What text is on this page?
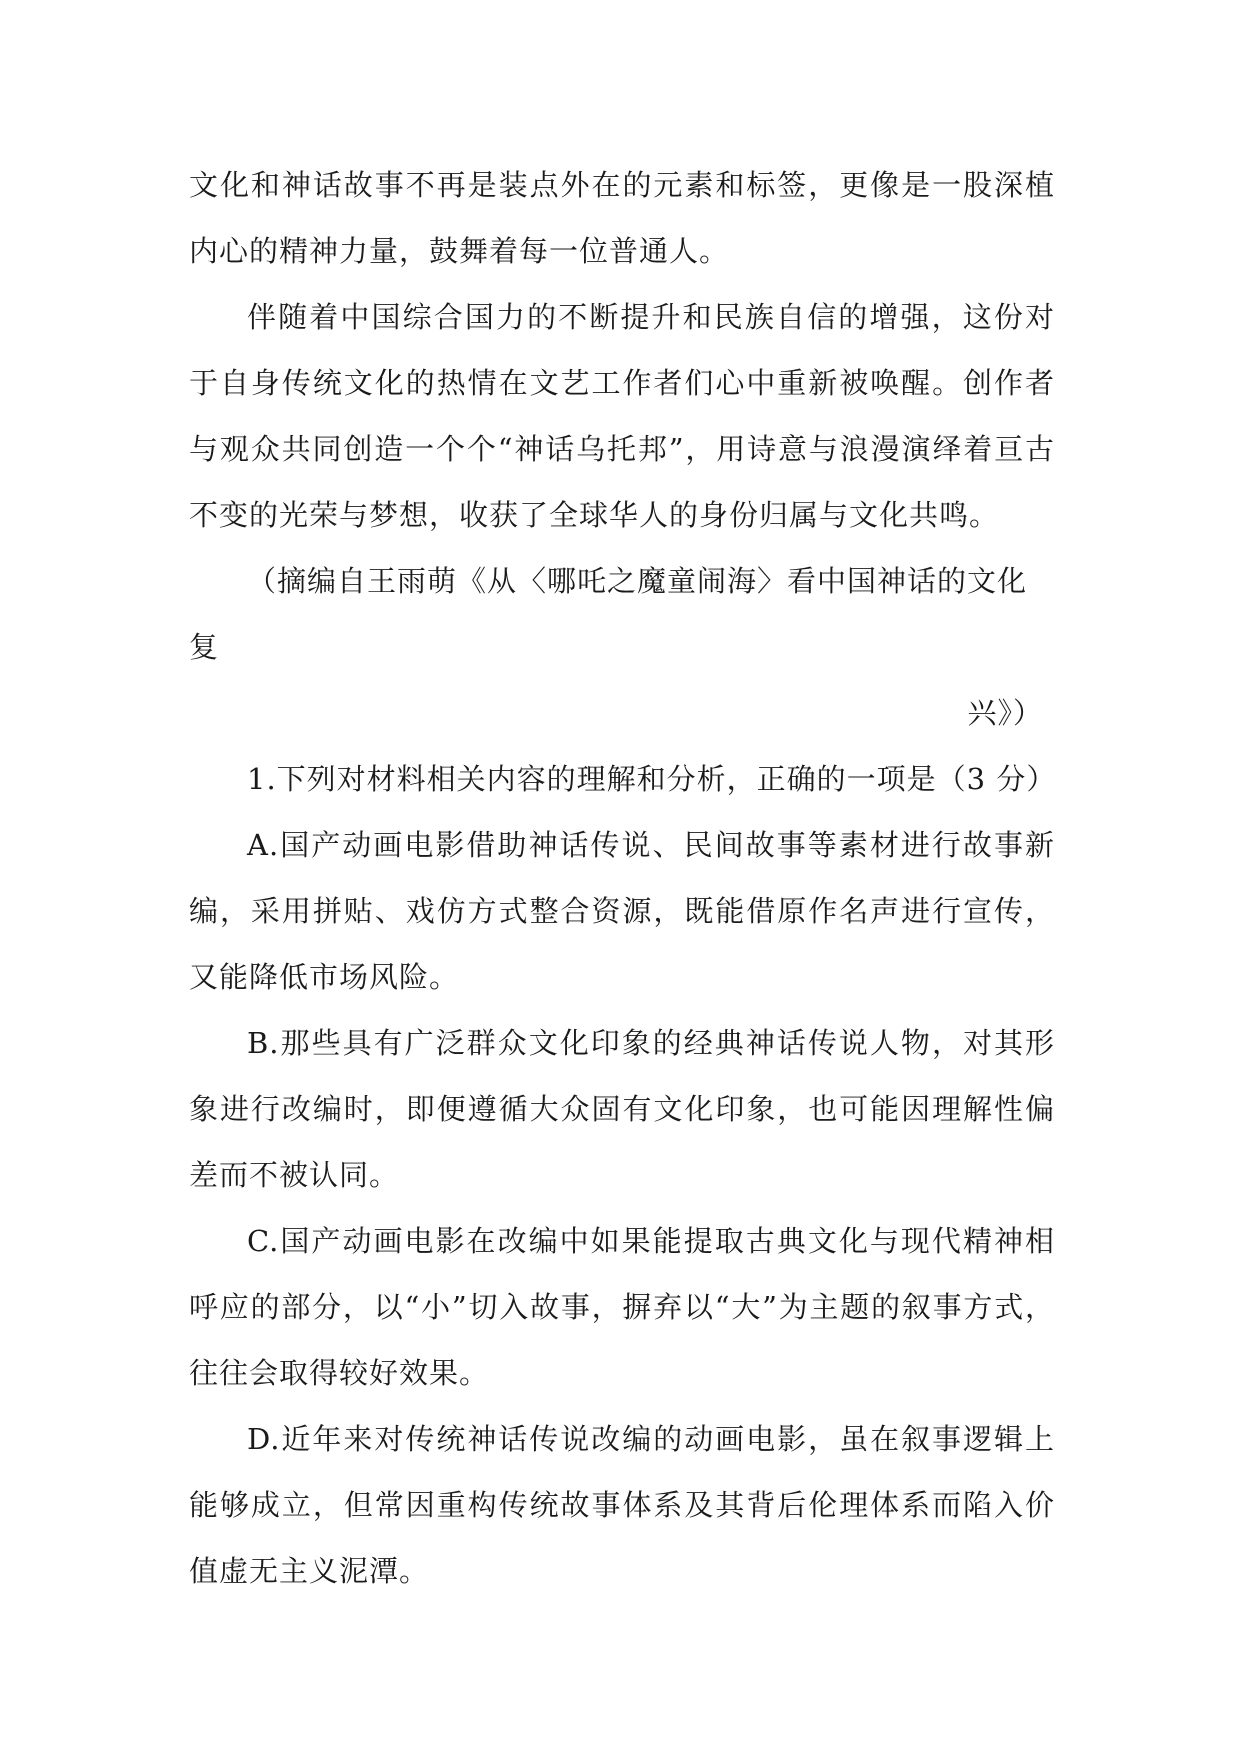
文化和神话故事不再是装点外在的元素和标签，更像是一股深植内心的精神力量，鼓舞着每一位普通人。

伴随着中国综合国力的不断提升和民族自信的增强，这份对于自身传统文化的热情在文艺工作者们心中重新被唤醒。创作者与观众共同创造一个个“神话乌托邦”，用诗意与浪漫演绎着亘古不变的光荣与梦想，收获了全球华人的身份归属与文化共鸣。

（摘编自王雨萌《从〈哪吒之魔童闹海〉看中国神话的文化复

兴》）

1.下列对材料相关内容的理解和分析，正确的一项是（3 分）

A.国产动画电影借助神话传说、民间故事等素材进行故事新编，采用拼贴、戏仿方式整合资源，既能借原作名声进行宣传，又能降低市场风险。

B.那些具有广泛群众文化印象的经典神话传说人物，对其形象进行改编时，即便遵循大众固有文化印象，也可能因理解性偏差而不被认同。

C.国产动画电影在改编中如果能提取古典文化与现代精神相呼应的部分，以“小”切入故事，摒弃以“大”为主题的叙事方式，往往会取得较好效果。

D.近年来对传统神话传说改编的动画电影，虽在叙事逻辑上能够成立，但常因重构传统故事体系及其背后伦理体系而陷入价值虚无主义泥潭。
